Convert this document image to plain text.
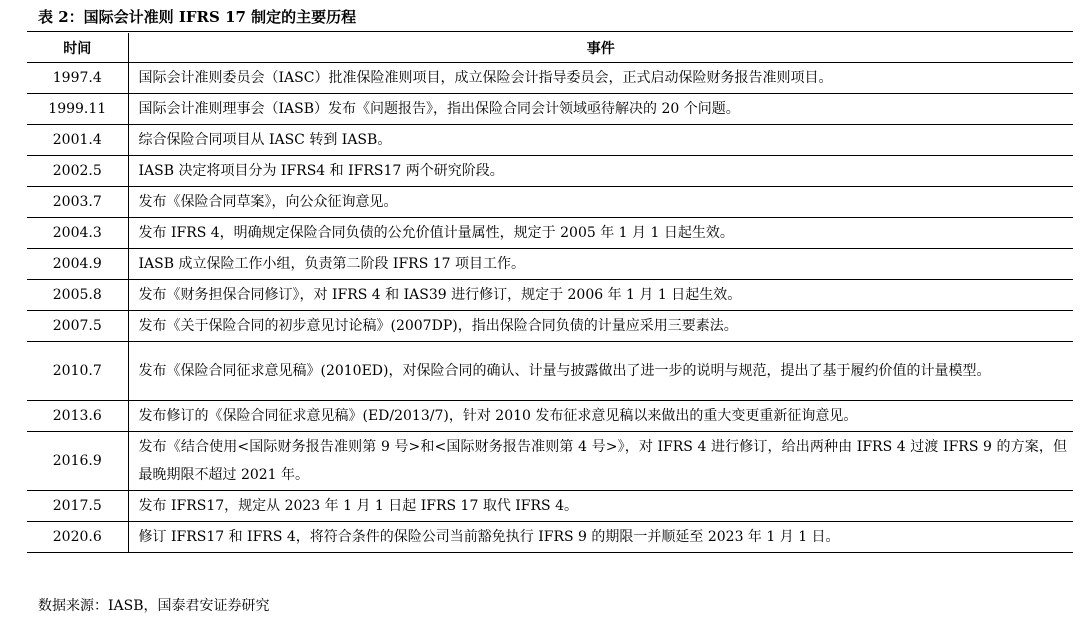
表 2：国际会计准则 IFRS 17 制定的主要历程
时间	事件
1997.4	国际会计准则委员会（IASC）批准保险准则项目，成立保险会计指导委员会，正式启动保险财务报告准则项目。
1999.11	国际会计准则理事会（IASB）发布《问题报告》，指出保险合同会计领域亟待解决的 20 个问题。
2001.4	综合保险合同项目从 IASC 转到 IASB。
2002.5	IASB 决定将项目分为 IFRS4 和 IFRS17 两个研究阶段。
2003.7	发布《保险合同草案》，向公众征询意见。
2004.3	发布 IFRS 4，明确规定保险合同负债的公允价值计量属性，规定于 2005 年 1 月 1 日起生效。
2004.9	IASB 成立保险工作小组，负责第二阶段 IFRS 17 项目工作。
2005.8	发布《财务担保合同修订》，对 IFRS 4 和 IAS39 进行修订，规定于 2006 年 1 月 1 日起生效。
2007.5	发布《关于保险合同的初步意见讨论稿》(2007DP)，指出保险合同负债的计量应采用三要素法。
2010.7	发布《保险合同征求意见稿》(2010ED)，对保险合同的确认、计量与披露做出了进一步的说明与规范，提出了基于履约价值的计量模型。
2013.6	发布修订的《保险合同征求意见稿》(ED/2013/7)，针对 2010 发布征求意见稿以来做出的重大变更重新征询意见。
2016.9	发布《结合使用<国际财务报告准则第 9 号>和<国际财务报告准则第 4 号>》，对 IFRS 4 进行修订，给出两种由 IFRS 4 过渡 IFRS 9 的方案，但最晚期限不超过 2021 年。
2017.5	发布 IFRS17，规定从 2023 年 1 月 1 日起 IFRS 17 取代 IFRS 4。
2020.6	修订 IFRS17 和 IFRS 4，将符合条件的保险公司当前豁免执行 IFRS 9 的期限一并顺延至 2023 年 1 月 1 日。
数据来源：IASB，国泰君安证券研究
